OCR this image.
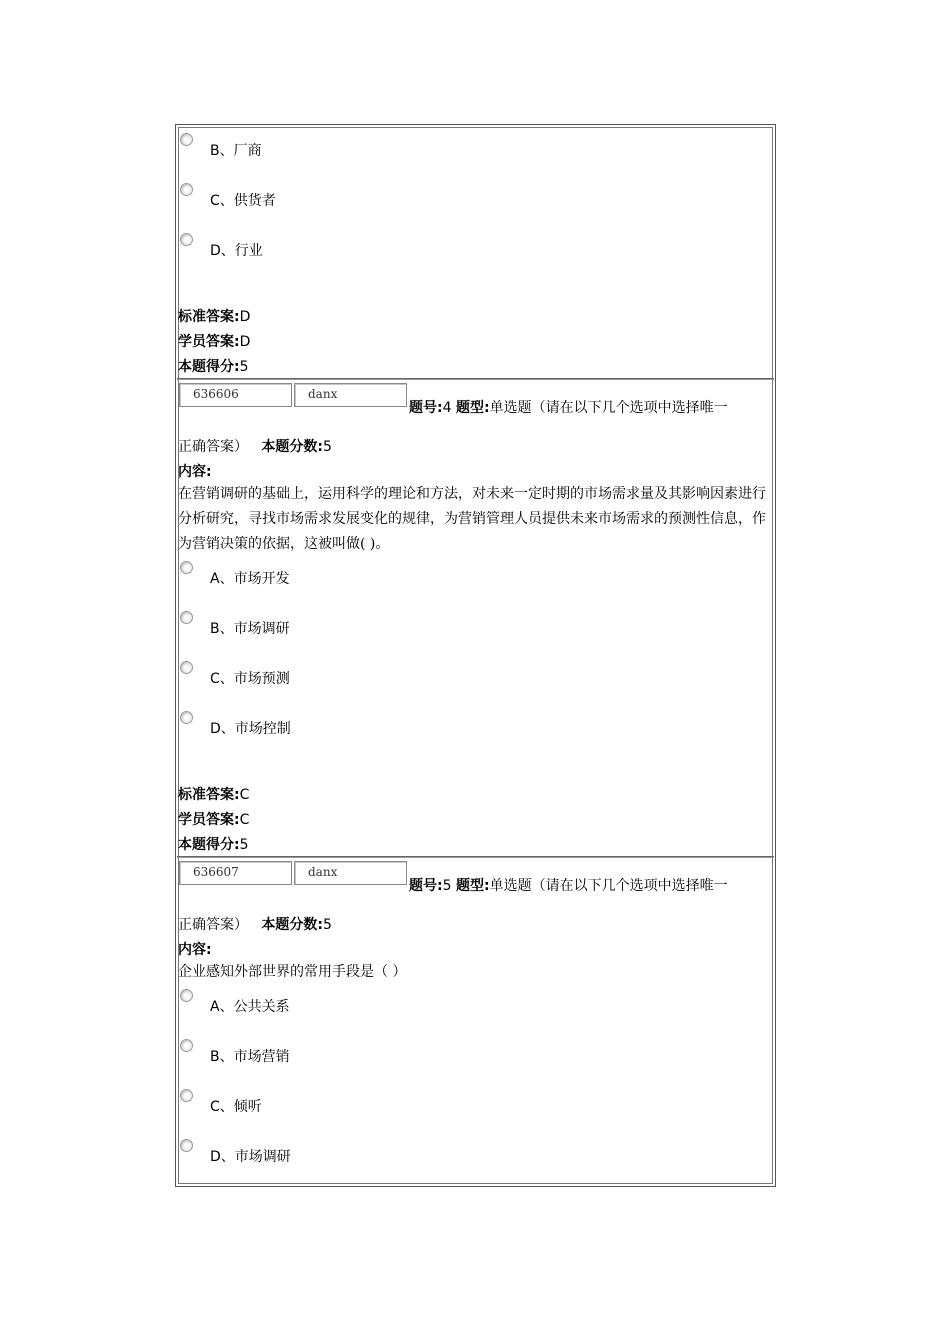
B、厂商
C、供货者
D、行业
标准答案:D
学员答案:D
本题得分:5
636606	danx
题号:4 题型:单选题（请在以下几个选项中选择唯一
正确答案） 本题分数:5
内容:
在营销调研的基础上，运用科学的理论和方法，对未来一定时期的市场需求量及其影响因素进行分析研究，寻找市场需求发展变化的规律，为营销管理人员提供未来市场需求的预测性信息，作为营销决策的依据，这被叫做( )。
A、市场开发
B、市场调研
C、市场预测
D、市场控制
标准答案:C
学员答案:C
本题得分:5
636607	danx
题号:5 题型:单选题（请在以下几个选项中选择唯一
正确答案） 本题分数:5
内容:
企业感知外部世界的常用手段是（ ）
A、公共关系
B、市场营销
C、倾听
D、市场调研
